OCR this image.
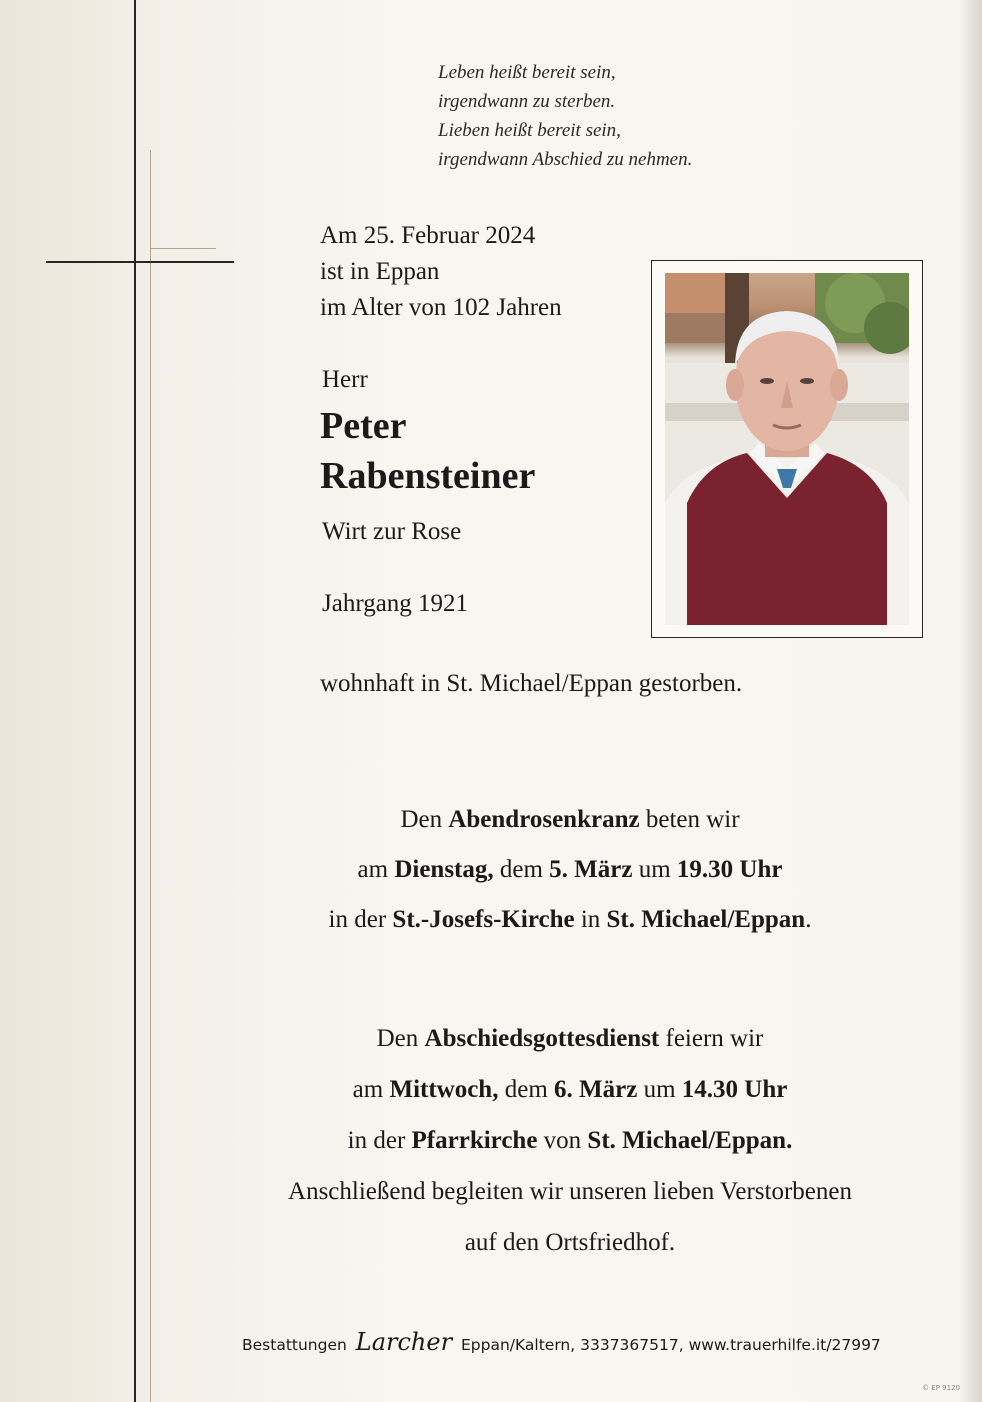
Leben heißt bereit sein,
irgendwann zu sterben.
Lieben heißt bereit sein,
irgendwann Abschied zu nehmen.
Am 25. Februar 2024
ist in Eppan
im Alter von 102 Jahren
Herr
Peter
Rabensteiner
Wirt zur Rose
Jahrgang 1921
wohnhaft in St. Michael/Eppan gestorben.
Den Abendrosenkranz beten wir
am Dienstag, dem 5. März um 19.30 Uhr
in der St.-Josefs-Kirche in St. Michael/Eppan.
Den Abschiedsgottesdienst feiern wir
am Mittwoch, dem 6. März um 14.30 Uhr
in der Pfarrkirche von St. Michael/Eppan.
Anschließend begleiten wir unseren lieben Verstorbenen
auf den Ortsfriedhof.
Bestattungen Larcher Eppan/Kaltern, 3337367517, www.trauerhilfe.it/27997
© EP 9120
